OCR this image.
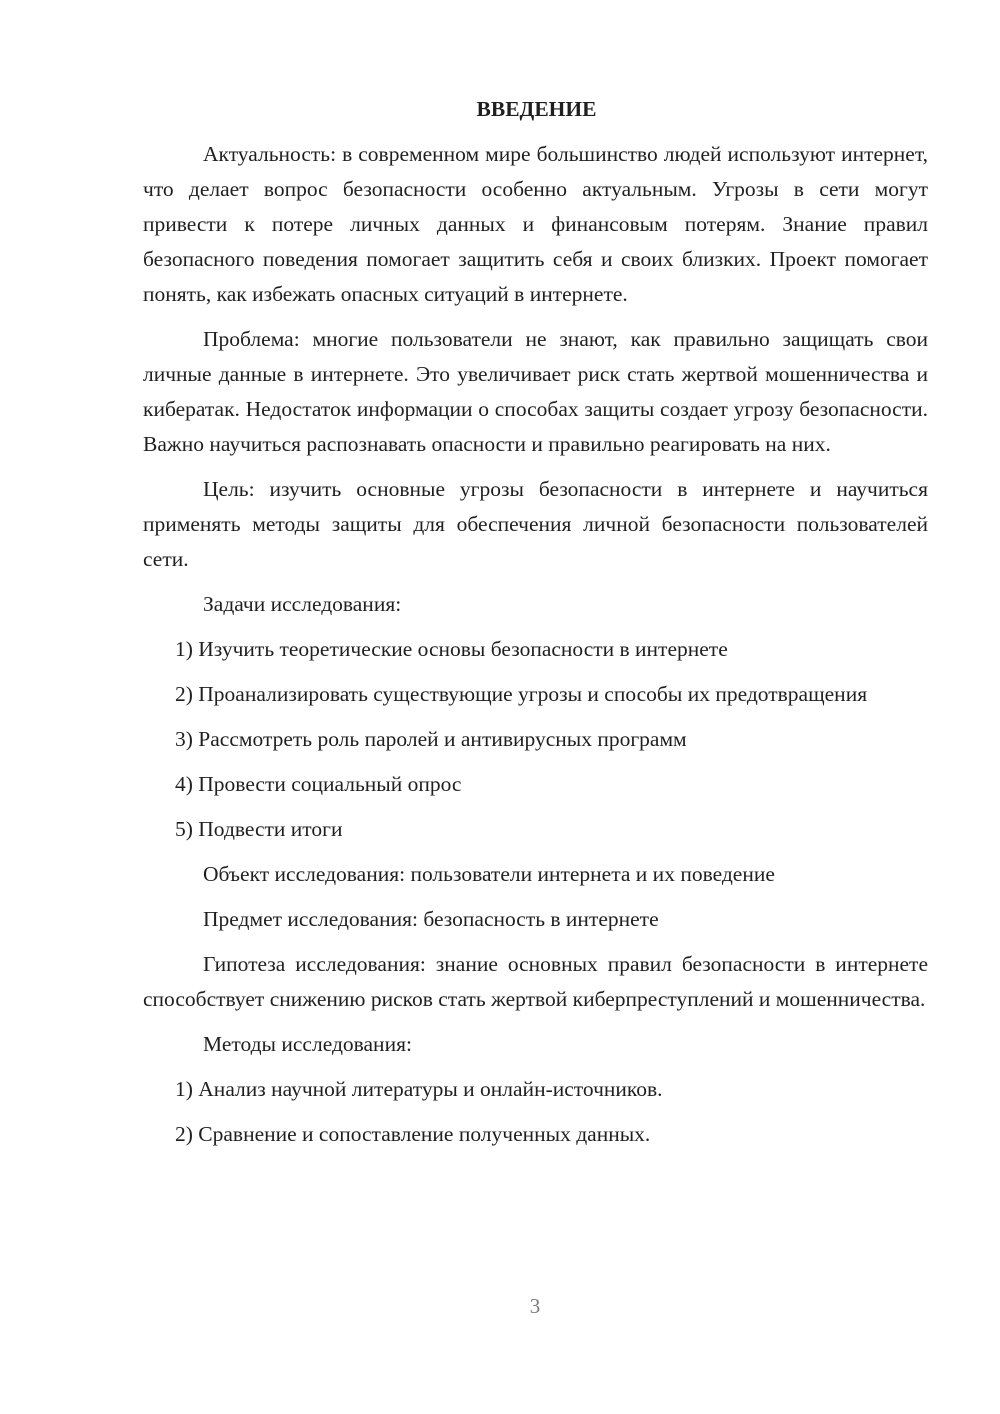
ВВЕДЕНИЕ

Актуальность: в современном мире большинство людей используют интернет, что делает вопрос безопасности особенно актуальным. Угрозы в сети могут привести к потере личных данных и финансовым потерям. Знание правил безопасного поведения помогает защитить себя и своих близких. Проект помогает понять, как избежать опасных ситуаций в интернете.

Проблема: многие пользователи не знают, как правильно защищать свои личные данные в интернете. Это увеличивает риск стать жертвой мошенничества и кибератак. Недостаток информации о способах защиты создает угрозу безопасности. Важно научиться распознавать опасности и правильно реагировать на них.

Цель: изучить основные угрозы безопасности в интернете и научиться применять методы защиты для обеспечения личной безопасности пользователей сети.

Задачи исследования:

1) Изучить теоретические основы безопасности в интернете

2) Проанализировать существующие угрозы и способы их предотвращения

3) Рассмотреть роль паролей и антивирусных программ

4) Провести социальный опрос

5) Подвести итоги

Объект исследования: пользователи интернета и их поведение

Предмет исследования: безопасность в интернете

Гипотеза исследования: знание основных правил безопасности в интернете способствует снижению рисков стать жертвой киберпреступлений и мошенничества.

Методы исследования:

1) Анализ научной литературы и онлайн-источников.

2) Сравнение и сопоставление полученных данных.

3
